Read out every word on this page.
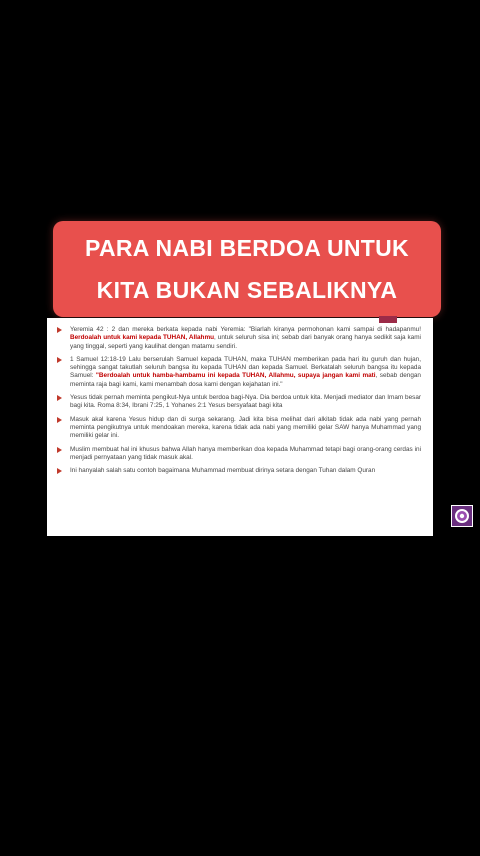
PARA NABI BERDOA UNTUK
KITA BUKAN SEBALIKNYA
Yeremia 42 : 2 dan mereka berkata kepada nabi Yeremia: "Biarlah kiranya permohonan kami sampai di hadapanmu! Berdoalah untuk kami kepada TUHAN, Allahmu, untuk seluruh sisa ini; sebab dari banyak orang hanya sedikit saja kami yang tinggal, seperti yang kaulihat dengan matamu sendiri.
1 Samuel 12:18-19 Lalu berserulah Samuel kepada TUHAN, maka TUHAN memberikan pada hari itu guruh dan hujan, sehingga sangat takutlah seluruh bangsa itu kepada TUHAN dan kepada Samuel. Berkatalah seluruh bangsa itu kepada Samuel: "Berdoalah untuk hamba-hambamu ini kepada TUHAN, Allahmu, supaya jangan kami mati, sebab dengan meminta raja bagi kami, kami menambah dosa kami dengan kejahatan ini."
Yesus tidak pernah meminta pengikut-Nya untuk berdoa bagi-Nya. Dia berdoa untuk kita. Menjadi mediator dan Imam besar bagi kita. Roma 8:34, Ibrani 7:25, 1 Yohanes 2:1 Yesus bersyafaat bagi kita
Masuk akal karena Yesus hidup dan di surga sekarang. Jadi kita bisa melihat dari alkitab tidak ada nabi yang pernah meminta pengikutnya untuk mendoakan mereka, karena tidak ada nabi yang memiliki gelar SAW hanya Muhammad yang memiliki gelar ini.
Muslim membuat hal ini khusus bahwa Allah hanya memberikan doa kepada Muhammad tetapi bagi orang-orang cerdas ini menjadi pernyataan yang tidak masuk akal.
Ini hanyalah salah satu contoh bagaimana Muhammad membuat dirinya setara dengan Tuhan dalam Quran
